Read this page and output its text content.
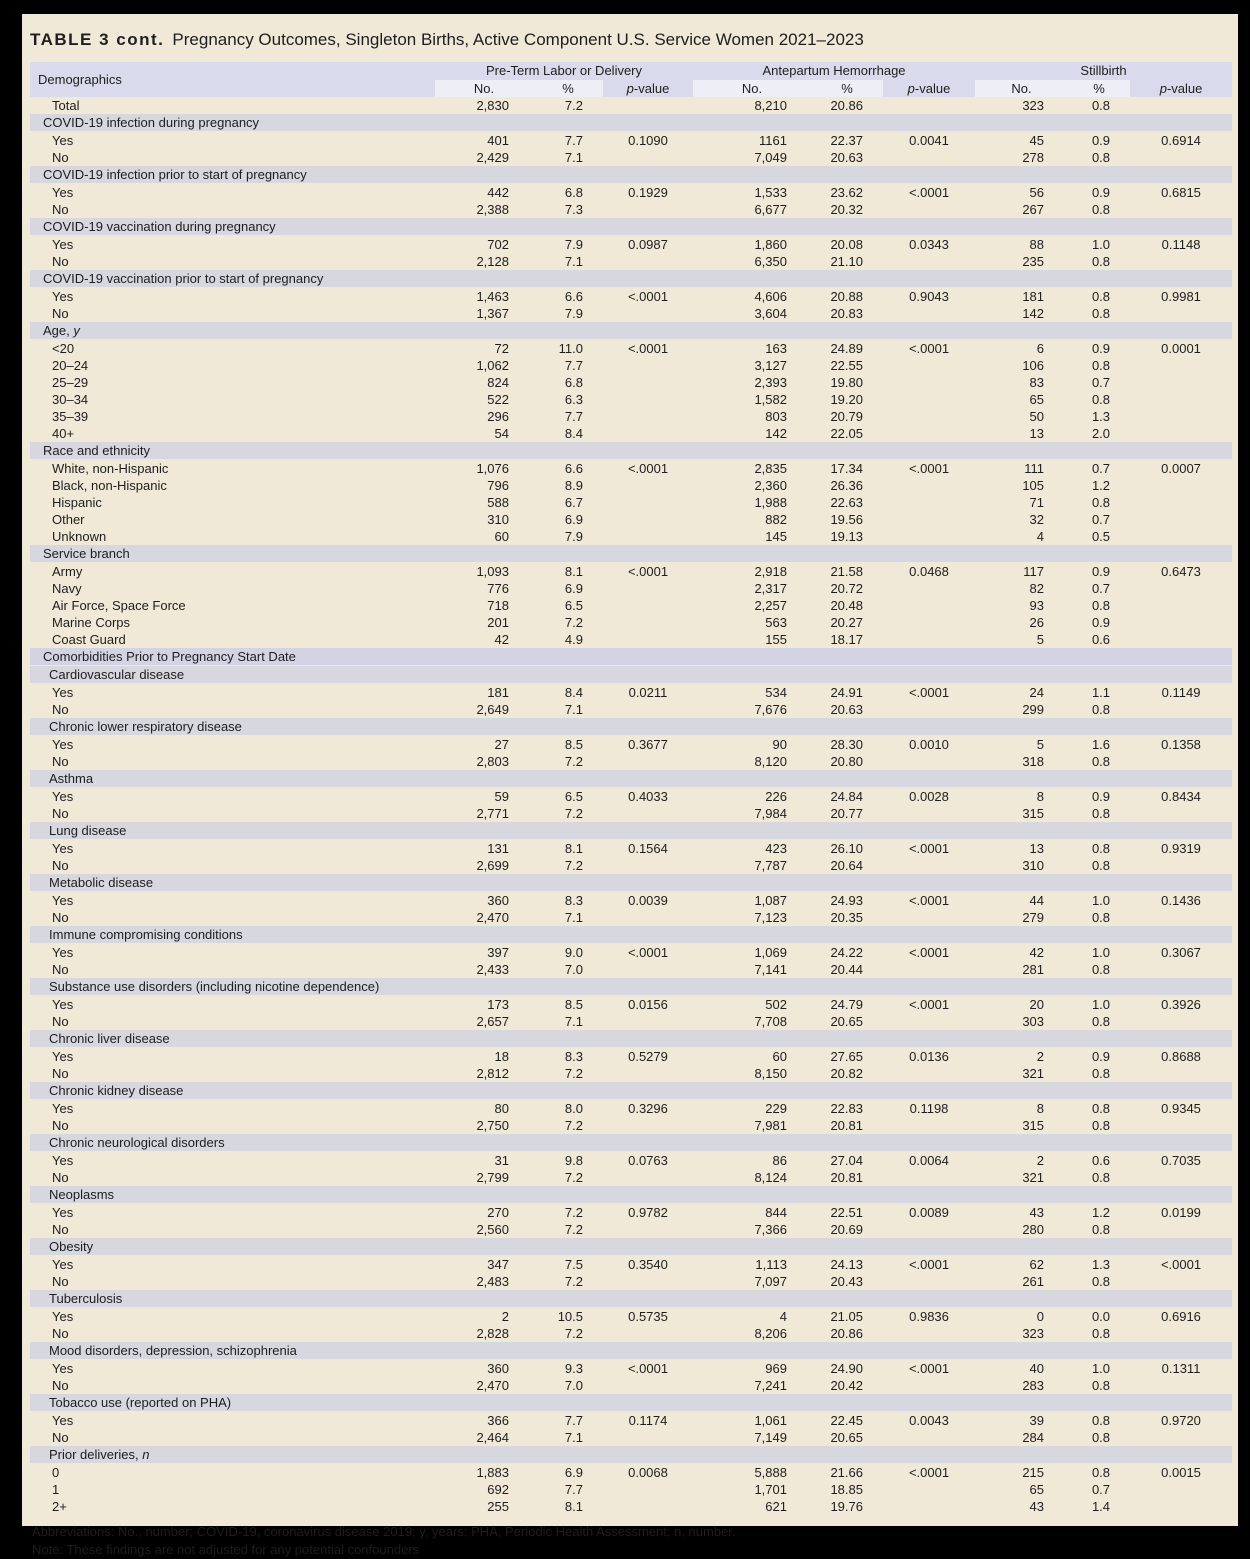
TABLE 3 cont. Pregnancy Outcomes, Singleton Births, Active Component U.S. Service Women 2021–2023
Demographics	Pre-Term Labor or Delivery			Antepartum Hemorrhage			Stillbirth		
	No.	%	p-value	No.	%	p-value	No.	%	p-value
Total	2,830	7.2		8,210	20.86		323	0.8	
COVID-19 infection during pregnancy									
Yes	401	7.7	0.1090	1161	22.37	0.0041	45	0.9	0.6914
No	2,429	7.1		7,049	20.63		278	0.8	
COVID-19 infection prior to start of pregnancy									
Yes	442	6.8	0.1929	1,533	23.62	<.0001	56	0.9	0.6815
No	2,388	7.3		6,677	20.32		267	0.8	
COVID-19 vaccination during pregnancy									
Yes	702	7.9	0.0987	1,860	20.08	0.0343	88	1.0	0.1148
No	2,128	7.1		6,350	21.10		235	0.8	
COVID-19 vaccination prior to start of pregnancy									
Yes	1,463	6.6	<.0001	4,606	20.88	0.9043	181	0.8	0.9981
No	1,367	7.9		3,604	20.83		142	0.8	
Age, y									
<20	72	11.0	<.0001	163	24.89	<.0001	6	0.9	0.0001
20–24	1,062	7.7		3,127	22.55		106	0.8	
25–29	824	6.8		2,393	19.80		83	0.7	
30–34	522	6.3		1,582	19.20		65	0.8	
35–39	296	7.7		803	20.79		50	1.3	
40+	54	8.4		142	22.05		13	2.0	
Race and ethnicity									
White, non-Hispanic	1,076	6.6	<.0001	2,835	17.34	<.0001	111	0.7	0.0007
Black, non-Hispanic	796	8.9		2,360	26.36		105	1.2	
Hispanic	588	6.7		1,988	22.63		71	0.8	
Other	310	6.9		882	19.56		32	0.7	
Unknown	60	7.9		145	19.13		4	0.5	
Service branch									
Army	1,093	8.1	<.0001	2,918	21.58	0.0468	117	0.9	0.6473
Navy	776	6.9		2,317	20.72		82	0.7	
Air Force, Space Force	718	6.5		2,257	20.48		93	0.8	
Marine Corps	201	7.2		563	20.27		26	0.9	
Coast Guard	42	4.9		155	18.17		5	0.6	
Comorbidities Prior to Pregnancy Start Date									
Cardiovascular disease									
Yes	181	8.4	0.0211	534	24.91	<.0001	24	1.1	0.1149
No	2,649	7.1		7,676	20.63		299	0.8	
Chronic lower respiratory disease									
Yes	27	8.5	0.3677	90	28.30	0.0010	5	1.6	0.1358
No	2,803	7.2		8,120	20.80		318	0.8	
Asthma									
Yes	59	6.5	0.4033	226	24.84	0.0028	8	0.9	0.8434
No	2,771	7.2		7,984	20.77		315	0.8	
Lung disease									
Yes	131	8.1	0.1564	423	26.10	<.0001	13	0.8	0.9319
No	2,699	7.2		7,787	20.64		310	0.8	
Metabolic disease									
Yes	360	8.3	0.0039	1,087	24.93	<.0001	44	1.0	0.1436
No	2,470	7.1		7,123	20.35		279	0.8	
Immune compromising conditions									
Yes	397	9.0	<.0001	1,069	24.22	<.0001	42	1.0	0.3067
No	2,433	7.0		7,141	20.44		281	0.8	
Substance use disorders (including nicotine dependence)									
Yes	173	8.5	0.0156	502	24.79	<.0001	20	1.0	0.3926
No	2,657	7.1		7,708	20.65		303	0.8	
Chronic liver disease									
Yes	18	8.3	0.5279	60	27.65	0.0136	2	0.9	0.8688
No	2,812	7.2		8,150	20.82		321	0.8	
Chronic kidney disease									
Yes	80	8.0	0.3296	229	22.83	0.1198	8	0.8	0.9345
No	2,750	7.2		7,981	20.81		315	0.8	
Chronic neurological disorders									
Yes	31	9.8	0.0763	86	27.04	0.0064	2	0.6	0.7035
No	2,799	7.2		8,124	20.81		321	0.8	
Neoplasms									
Yes	270	7.2	0.9782	844	22.51	0.0089	43	1.2	0.0199
No	2,560	7.2		7,366	20.69		280	0.8	
Obesity									
Yes	347	7.5	0.3540	1,113	24.13	<.0001	62	1.3	<.0001
No	2,483	7.2		7,097	20.43		261	0.8	
Tuberculosis									
Yes	2	10.5	0.5735	4	21.05	0.9836	0	0.0	0.6916
No	2,828	7.2		8,206	20.86		323	0.8	
Mood disorders, depression, schizophrenia									
Yes	360	9.3	<.0001	969	24.90	<.0001	40	1.0	0.1311
No	2,470	7.0		7,241	20.42		283	0.8	
Tobacco use (reported on PHA)									
Yes	366	7.7	0.1174	1,061	22.45	0.0043	39	0.8	0.9720
No	2,464	7.1		7,149	20.65		284	0.8	
Prior deliveries, n									
0	1,883	6.9	0.0068	5,888	21.66	<.0001	215	0.8	0.0015
1	692	7.7		1,701	18.85		65	0.7	
2+	255	8.1		621	19.76		43	1.4	
Abbreviations: No., number; COVID-19, coronavirus disease 2019; y, years; PHA, Periodic Health Assessment; n, number.
Note: These findings are not adjusted for any potential confounders
